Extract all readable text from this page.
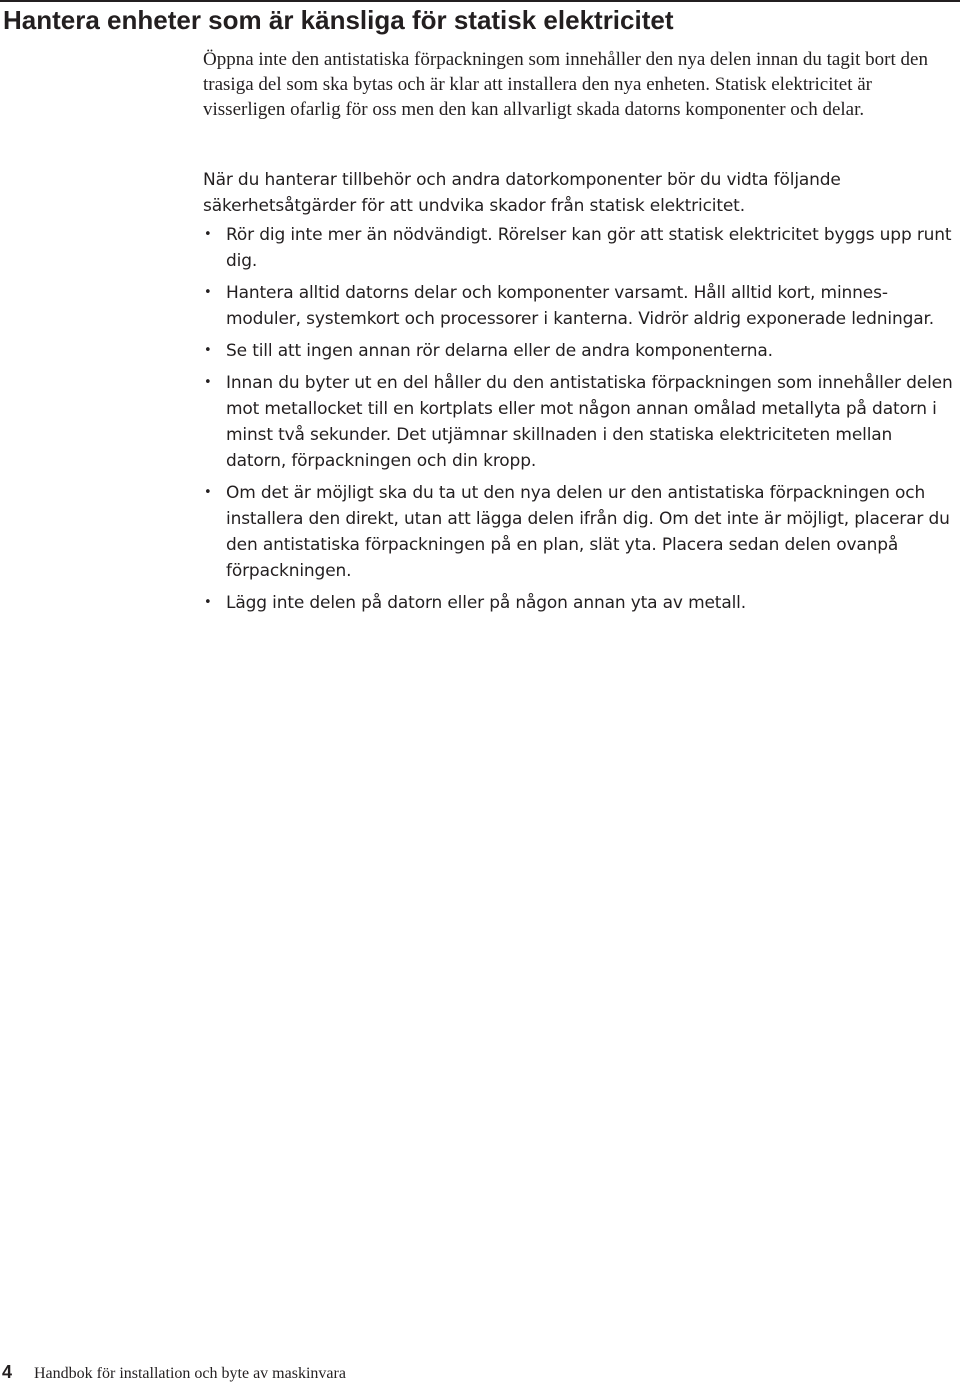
Hantera enheter som är känsliga för statisk elektricitet

Öppna inte den antistatiska förpackningen som innehåller den nya delen innan du tagit bort den trasiga del som ska bytas och är klar att installera den nya enheten. Statisk elektricitet är visserligen ofarlig för oss men den kan allvarligt skada datorns komponenter och delar.

När du hanterar tillbehör och andra datorkomponenter bör du vidta följande säkerhetsåtgärder för att undvika skador från statisk elektricitet.

• Rör dig inte mer än nödvändigt. Rörelser kan gör att statisk elektricitet byggs upp runt dig.
• Hantera alltid datorns delar och komponenter varsamt. Håll alltid kort, minnesmoduler, systemkort och processorer i kanterna. Vidrör aldrig exponerade ledningar.
• Se till att ingen annan rör delarna eller de andra komponenterna.
• Innan du byter ut en del håller du den antistatiska förpackningen som innehåller delen mot metallocket till en kortplats eller mot någon annan omålad metallyta på datorn i minst två sekunder. Det utjämnar skillnaden i den statiska elektriciteten mellan datorn, förpackningen och din kropp.
• Om det är möjligt ska du ta ut den nya delen ur den antistatiska förpackningen och installera den direkt, utan att lägga delen ifrån dig. Om det inte är möjligt, placerar du den antistatiska förpackningen på en plan, slät yta. Placera sedan delen ovanpå förpackningen.
• Lägg inte delen på datorn eller på någon annan yta av metall.
4 Handbok för installation och byte av maskinvara
